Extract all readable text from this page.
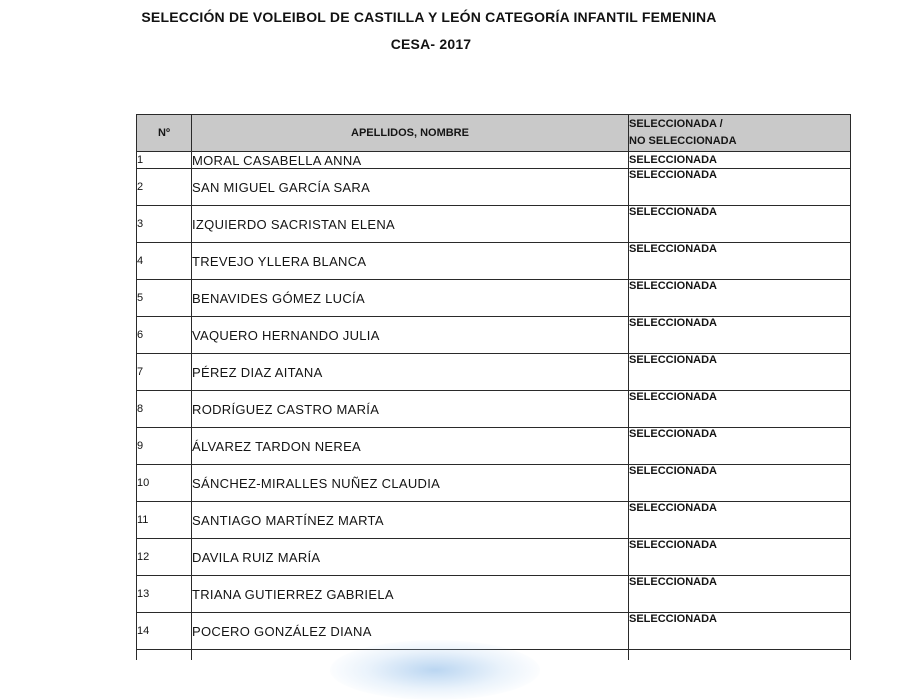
SELECCIÓN DE VOLEIBOL DE CASTILLA Y LEÓN CATEGORÍA INFANTIL FEMENINA
CESA- 2017
Nº	APELLIDOS, NOMBRE	SELECCIONADA /
NO SELECCIONADA

1	MORAL CASABELLA ANNA	SELECCIONADA
2	SAN MIGUEL GARCÍA SARA	SELECCIONADA
3	IZQUIERDO SACRISTAN ELENA	SELECCIONADA
4	TREVEJO YLLERA BLANCA	SELECCIONADA
5	BENAVIDES GÓMEZ LUCÍA	SELECCIONADA
6	VAQUERO HERNANDO JULIA	SELECCIONADA
7	PÉREZ DIAZ AITANA	SELECCIONADA
8	RODRÍGUEZ CASTRO MARÍA	SELECCIONADA
9	ÁLVAREZ TARDON NEREA	SELECCIONADA
10	SÁNCHEZ-MIRALLES NUÑEZ CLAUDIA	SELECCIONADA
11	SANTIAGO MARTÍNEZ MARTA	SELECCIONADA
12	DAVILA RUIZ MARÍA	SELECCIONADA
13	TRIANA GUTIERREZ GABRIELA	SELECCIONADA
14	POCERO GONZÁLEZ DIANA	SELECCIONADA
